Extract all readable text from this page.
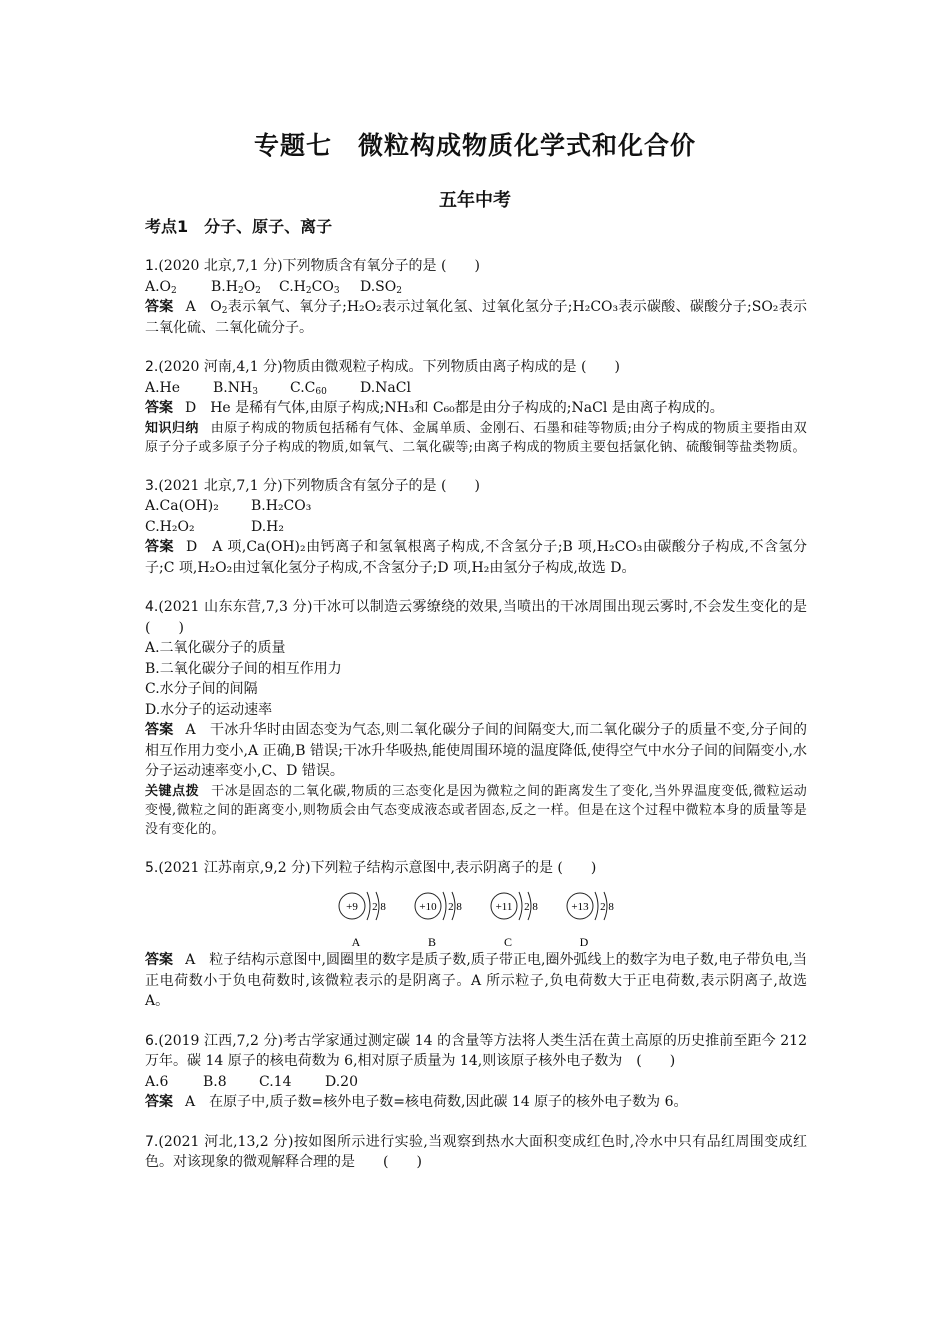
专题七　微粒构成物质化学式和化合价
五年中考
考点1　分子、原子、离子
1.(2020 北京,7,1 分)下列物质含有氧分子的是 (　　)
$A.O_2$ $B.H_2O_2$ $C.H_2CO_3$ $D.SO_2$
答案 A　$O_2$表示氧气、氧分子;H₂O₂表示过氧化氢、过氧化氢分子;H₂CO₃表示碳酸、碳酸分子;SO₂表示二氧化硫、二氧化硫分子。
2.(2020 河南,4,1 分)物质由微观粒子构成。下列物质由离子构成的是 (　　)
A.He $B.NH_3$ $C.C_{60}$ D.NaCl
答案 D　He 是稀有气体,由原子构成;NH₃和 C₆₀都是由分子构成的;NaCl 是由离子构成的。
知识归纳 由原子构成的物质包括稀有气体、金属单质、金刚石、石墨和硅等物质;由分子构成的物质主要指由双原子分子或多原子分子构成的物质,如氧气、二氧化碳等;由离子构成的物质主要包括氯化钠、硫酸铜等盐类物质。
3.(2021 北京,7,1 分)下列物质含有氢分子的是 (　　)
A.Ca(OH)₂ B.H₂CO₃
C.H₂O₂	D.H₂
答案 D　A 项,Ca(OH)₂由钙离子和氢氧根离子构成,不含氢分子;B 项,H₂CO₃由碳酸分子构成,不含氢分子;C 项,H₂O₂由过氧化氢分子构成,不含氢分子;D 项,H₂由氢分子构成,故选 D。
4.(2021 山东东营,7,3 分)干冰可以制造云雾缭绕的效果,当喷出的干冰周围出现云雾时,不会发生变化的是　　　　(　　)
A.二氧化碳分子的质量
B.二氧化碳分子间的相互作用力
C.水分子间的间隔
D.水分子的运动速率
答案 A　干冰升华时由固态变为气态,则二氧化碳分子间的间隔变大,而二氧化碳分子的质量不变,分子间的相互作用力变小,A 正确,B 错误;干冰升华吸热,能使周围环境的温度降低,使得空气中水分子间的间隔变小,水分子运动速率变小,C、D 错误。
关键点拨 干冰是固态的二氧化碳,物质的三态变化是因为微粒之间的距离发生了变化,当外界温度变低,微粒运动变慢,微粒之间的距离变小,则物质会由气态变成液态或者固态,反之一样。但是在这个过程中微粒本身的质量等是没有变化的。
5.(2021 江苏南京,9,2 分)下列粒子结构示意图中,表示阴离子的是 (　　)
+9 2 8
A
+10 2 8
B
+11 2 8
C
+13 2 8
D
答案 A　粒子结构示意图中,圆圈里的数字是质子数,质子带正电,圈外弧线上的数字为电子数,电子带负电,当正电荷数小于负电荷数时,该微粒表示的是阴离子。A 所示粒子,负电荷数大于正电荷数,表示阴离子,故选 A。
6.(2019 江西,7,2 分)考古学家通过测定碳 14 的含量等方法将人类生活在黄土高原的历史推前至距今 212 万年。碳 14 原子的核电荷数为 6,相对原子质量为 14,则该原子核外电子数为　(　　)
A.6 B.8 C.14 D.20
答案 A　在原子中,质子数=核外电子数=核电荷数,因此碳 14 原子的核外电子数为 6。
7.(2021 河北,13,2 分)按如图所示进行实验,当观察到热水大面积变成红色时,冷水中只有品红周围变成红色。对该现象的微观解释合理的是　　(　　)
